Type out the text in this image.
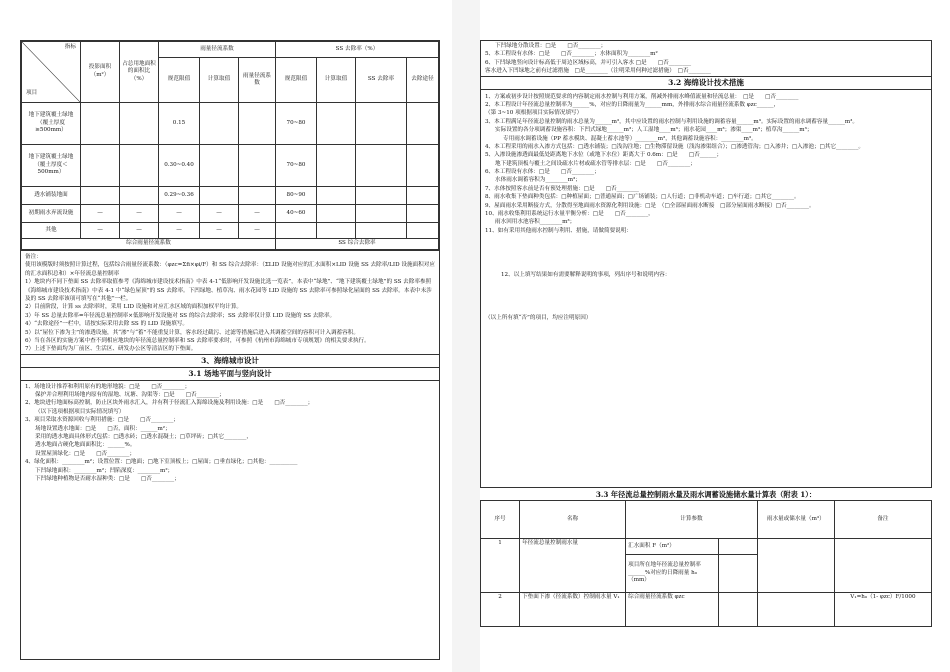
指标
项目	投影面积（m²）	占总用地面积的面积比（%）	雨量径流系数			SS 去除率（%）			
			规范限值	计算取值	雨量径流系数	规范限值	计算取值	SS 去除率	去除途径
地下建筑覆土绿地（覆土厚度≥500mm）			0.15			70~80			
地下建筑覆土绿地（覆土厚度＜500mm）			0.30~0.40			70~80			
透水铺装地面			0.29~0.36			80~90			
初期雨水弃流设施	—	—	—	—	—	40~60			
其他	—	—	—	—	—				
综合雨量径流系数						SS 综合去除率			

备注：

使用该模版时须按照计算过程，包括综合雨量径流系数：（φzc=Σfi×φi/F）和 SS 综合去除率：（ΣLID 设施对应的汇水面积×LID 设施 SS 去除率/LID 设施面积对应的汇水面积总和）×年径流总量控制率

1）地块内不同下垫面 SS 去除率取值参考《海绵城市建设技术指南》中表 4-1“低影响开发设施比选一览表”，本表中“绿地”、“地下建筑覆土绿地”的 SS 去除率参照《海绵城市建设技术指南》中表 4-1 中“绿色屋顶”的 SS 去除率。下凹绿地、植草沟、雨水花园等 LID 设施的 SS 去除率可参照绿化屋面的 SS 去除率。本表中未涉及的 SS 去除率该项可填写在“其他”一栏。

2）目前阶段，计算 ss 去除率时，采用 LID 设施和对应汇水区域的面积加权平均计算。

3）年 SS 总量去除率=年径流总量控制率×低影响开发设施对 SS 的综合去除率；SS 去除率仅计算 LID 设施的 SS 去除率。

4）“去除途径”一栏中，请按实际采用去除 SS 的 LID 设施填写。

5）以“屋位下渗为主”的渗透设施，其“渗”与“蓄”不能重复计算，客水经过截污、过滤等措施后进入其调蓄空间的容积可计入调蓄容积。

6）当在各区的实施方案中查不到相应地块的年径流总量控制率和 SS 去除率要求时，可参照《杭州市海绵城市专项规划》的相关要求执行。

7）上述下垫面均为厂前区、生活区、研发办公区等清洁区的下垫面。

3、海绵城市设计
3.1 场地平面与竖向设计

1、场地设计推荐和利用原有的地形地貌：□是　　□否________；

保护并合理利用场地内原有的湿地、坑塘、沟渠等：□是　　□否________；

2、地块进行地面标高控制，防止区块外雨水汇入，并有利于径流汇入海绵设施及利用设施：□是　　□否________；

（以下选项根据项目实际情况填写）

3、项目采取水资源回收与利用措施：□是　　□否________；

场地设置透水地面：□是　　□否，面积：______m²；

采用的透水地面具体形式包括：□透水砖；□透水混凝土；□草坪砖；□其它________，

透水地面占硬化地面面积比：______%。

设置屋顶绿化：□是　　□否________；

4、绿化面积：________m²；设置位置：□地面；□地下室顶板上；□屋面；□垂直绿化；□其他：__________

下凹绿地面积：________m²；凹陷深度：________m²；

下凹绿地种植物是否耐水湿种类：□是　　□否________；

下凹绿地分散设置：□是　　□否________；

5、本工程设有水体：□是　　□否________；水体面积为________m²

6、下凹绿地竖向设计标高低于周边区域标高，并可引入客水 □是　　□否________

客水进入下凹绿地之前有过滤措施　□是________（注明采用何种过滤措施）　□否________

3.2 海绵设计技术措施

1、方案或初步设计按照规范要求的内容制定雨水控制与利用方案，削减外排雨水峰值流量和径流总量：　□是　　□否________

2、本工程设计年径流总量控制率为______%，对应的日降雨量为______mm，外排雨水综合雨量径流系数 φzc______，

（第 3~10 项根据项目实际情况填写）

3、本工程满足年径流总量控制的雨水总量为______m³，其中应设置的雨水控制与利用设施的调蓄容量______m³。实际设置的雨水调蓄容量______m³。

实际设置的各分项调蓄设施容积：下凹式绿地______m³；人工湿地____m³；雨水花园____m³；渗渠____m³；植草沟______m³；

专用雨水调蓄设施（PP 蓄水模块、混凝土蓄水池等）________m³，其他调蓄设施容积：________m³。

4、本工程采用的雨水入渗方式包括：□透水铺装；□浅沟注地；□生物滞留设施（浅沟渗渠组合）；□渗透管沟；□入渗井；□入渗池；□其它________。

5、入渗设施渗透面最低处距离地下水位（或地下水位）距离大于 0.6m：□是　　□否______；

地下建筑顶板与覆土之间设疏水片材或疏水管等排水层：□是　　□否________；

6、本工程设有水体：□是　　□否________；

水体雨水调蓄容积为________m³；

7、水体按照客水前是否有预处理措施：□是　　□否________

8、雨水收集下垫面种类包括：□种植屋面；□普通屋面；□广场铺装；□人行道；□非机动车道；□车行道；□其它________。

9、屋面雨水采用断接方式，分散得至地面雨水资源化利用设施：□是　（□全部屋面雨水断接　□部分屋面雨水断接）□否________。

10、雨水收集利用系统运行水量平衡分析：□是　　□否________，

雨水回用水池容积________m³；

11、如有采用其他雨水控制与利用、措施，请做简要说明：

12、以上填写结果如有需要解释说明的事项，列出序号和说明内容：

（以上所有填“否”的项目，均应注明原因）

3.3 年径流总量控制雨水量及雨水调蓄设施储水量计算表（附表 1）：
序号	名称	计算参数		雨水量或储水量（m³）	备注
1	年径流总量控制雨水量	汇水面积 F（m²）			
		项目所在地年径流总量控制率______%对应的日降雨量 h₀（mm）			
2	下垫面下渗（径流系数）控制雨水量 V₁	综合雨量径流系数 φzc			V₁=h₀（1- φzc）F/1000
